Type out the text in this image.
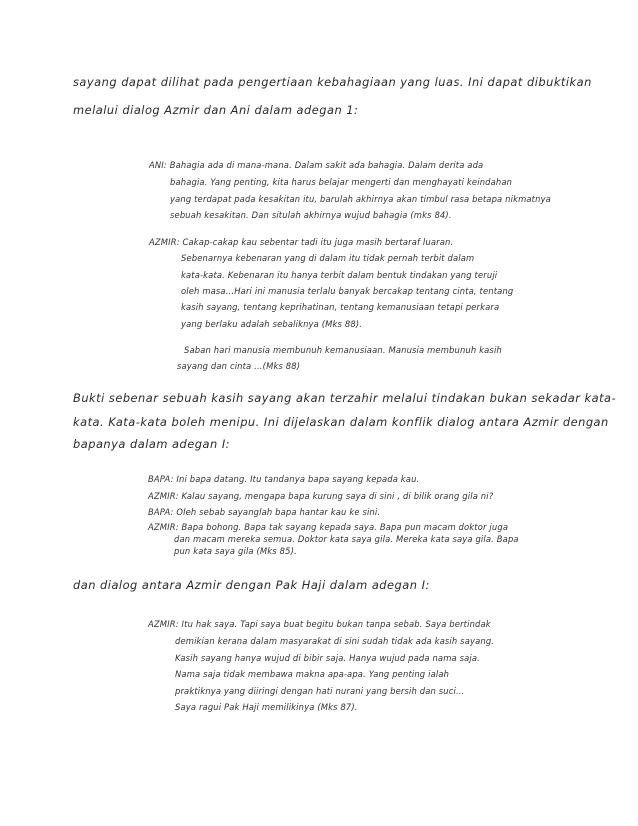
sayang dapat dilihat pada pengertiaan kebahagiaan yang luas. Ini dapat dibuktikan
melalui dialog Azmir dan Ani dalam adegan 1:
ANI: Bahagia ada di mana-mana. Dalam sakit ada bahagia. Dalam derita ada
bahagia. Yang penting, kita harus belajar mengerti dan menghayati keindahan
yang terdapat pada kesakitan itu, barulah akhirnya akan timbul rasa betapa nikmatnya
sebuah kesakitan. Dan situlah akhirnya wujud bahagia (mks 84).
AZMIR: Cakap-cakap kau sebentar tadi itu juga masih bertaraf luaran.
Sebenarnya kebenaran yang di dalam itu tidak pernah terbit dalam
kata-kata. Kebenaran itu hanya terbit dalam bentuk tindakan yang teruji
oleh masa…Hari ini manusia terlalu banyak bercakap tentang cinta, tentang
kasih sayang, tentang keprihatinan, tentang kemanusiaan tetapi perkara
yang berlaku adalah sebaliknya (Mks 88).
Saban hari manusia membunuh kemanusiaan. Manusia membunuh kasih
sayang dan cinta …(Mks 88)
Bukti sebenar sebuah kasih sayang akan terzahir melalui tindakan bukan sekadar kata-
kata. Kata-kata boleh menipu. Ini dijelaskan dalam konflik dialog antara Azmir dengan
bapanya dalam adegan I:
BAPA: Ini bapa datang. Itu tandanya bapa sayang kepada kau.
AZMIR: Kalau sayang, mengapa bapa kurung saya di sini , di bilik orang gila ni?
BAPA: Oleh sebab sayanglah bapa hantar kau ke sini.
AZMIR: Bapa bohong. Bapa tak sayang kepada saya. Bapa pun macam doktor juga
dan macam mereka semua. Doktor kata saya gila. Mereka kata saya gila. Bapa
pun kata saya gila (Mks 85).
dan dialog antara Azmir dengan Pak Haji dalam adegan I:
AZMIR: Itu hak saya. Tapi saya buat begitu bukan tanpa sebab. Saya bertindak
demikian kerana dalam masyarakat di sini sudah tidak ada kasih sayang.
Kasih sayang hanya wujud di bibir saja. Hanya wujud pada nama saja.
Nama saja tidak membawa makna apa-apa. Yang penting ialah
praktiknya yang diiringi dengan hati nurani yang bersih dan suci…
Saya ragui Pak Haji memilikinya (Mks 87).
